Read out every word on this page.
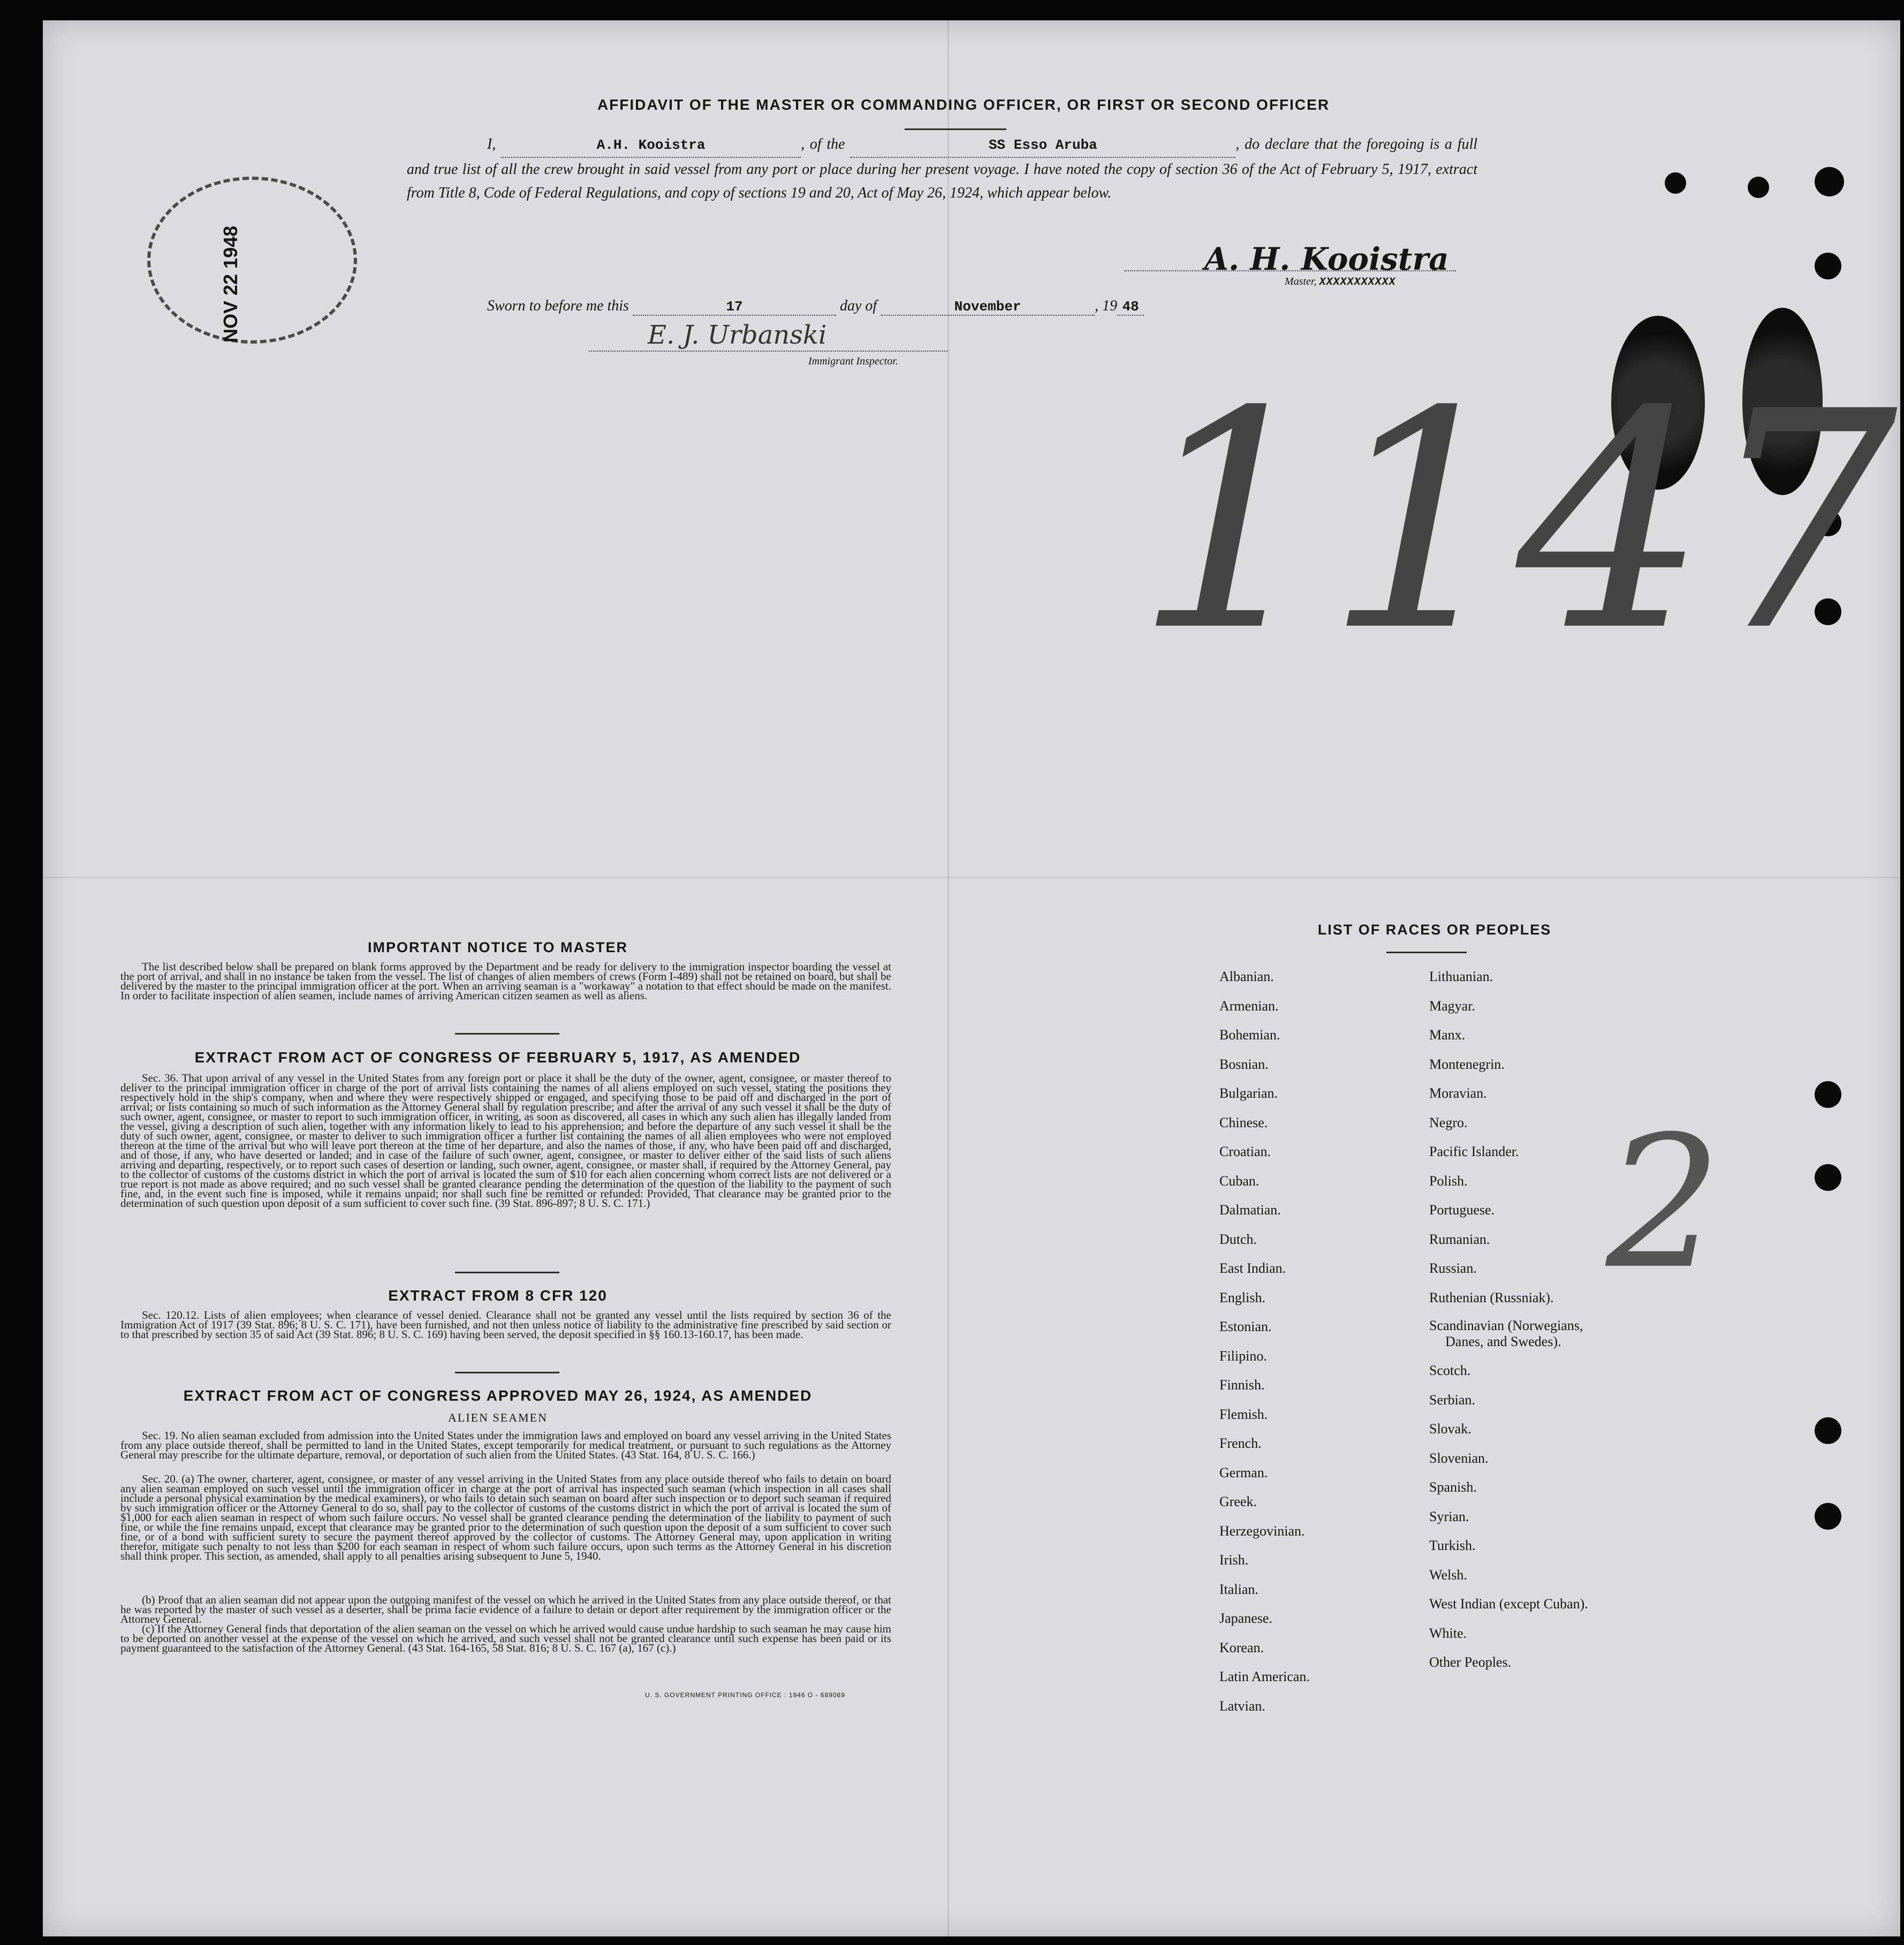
NOV 22 1948
AFFIDAVIT OF THE MASTER OR COMMANDING OFFICER, OR FIRST OR SECOND OFFICER
I,	A.H. Kooistra	, of the	SS Esso Aruba	, do declare that the foregoing is a full and true list of all the crew brought in said vessel from any port or place during her present voyage. I have noted the copy of section 36 of the Act of February 5, 1917, extract from Title 8, Code of Federal Regulations, and copy of sections 19 and 20, Act of May 26, 1924, which appear below.
A. H. Kooistra
Master, XXXXXXXXXXX
Sworn to before me this	17	day of	November	, 19 48
E. J. Urbanski
Immigrant Inspector. 1147
2
IMPORTANT NOTICE TO MASTER
The list described below shall be prepared on blank forms approved by the Department and be ready for delivery to the immigration inspector boarding the vessel at the port of arrival, and shall in no instance be taken from the vessel. The list of changes of alien members of crews (Form I-489) shall not be retained on board, but shall be delivered by the master to the principal immigration officer at the port. When an arriving seaman is a "workaway" a notation to that effect should be made on the manifest. In order to facilitate inspection of alien seamen, include names of arriving American citizen seamen as well as aliens.
EXTRACT FROM ACT OF CONGRESS OF FEBRUARY 5, 1917, AS AMENDED
Sec. 36. That upon arrival of any vessel in the United States from any foreign port or place it shall be the duty of the owner, agent, consignee, or master thereof to deliver to the principal immigration officer in charge of the port of arrival lists containing the names of all aliens employed on such vessel, stating the positions they respectively hold in the ship's company, when and where they were respectively shipped or engaged, and specifying those to be paid off and discharged in the port of arrival; or lists containing so much of such information as the Attorney General shall by regulation prescribe; and after the arrival of any such vessel it shall be the duty of such owner, agent, consignee, or master to report to such immigration officer, in writing, as soon as discovered, all cases in which any such alien has illegally landed from the vessel, giving a description of such alien, together with any information likely to lead to his apprehension; and before the departure of any such vessel it shall be the duty of such owner, agent, consignee, or master to deliver to such immigration officer a further list containing the names of all alien employees who were not employed thereon at the time of the arrival but who will leave port thereon at the time of her departure, and also the names of those, if any, who have been paid off and discharged, and of those, if any, who have deserted or landed; and in case of the failure of such owner, agent, consignee, or master to deliver either of the said lists of such aliens arriving and departing, respectively, or to report such cases of desertion or landing, such owner, agent, consignee, or master shall, if required by the Attorney General, pay to the collector of customs of the customs district in which the port of arrival is located the sum of $10 for each alien concerning whom correct lists are not delivered or a true report is not made as above required; and no such vessel shall be granted clearance pending the determination of the question of the liability to the payment of such fine, and, in the event such fine is imposed, while it remains unpaid; nor shall such fine be remitted or refunded: Provided, That clearance may be granted prior to the determination of such question upon deposit of a sum sufficient to cover such fine. (39 Stat. 896-897; 8 U. S. C. 171.)
EXTRACT FROM 8 CFR 120
Sec. 120.12. Lists of alien employees; when clearance of vessel denied. Clearance shall not be granted any vessel until the lists required by section 36 of the Immigration Act of 1917 (39 Stat. 896; 8 U. S. C. 171), have been furnished, and not then unless notice of liability to the administrative fine prescribed by said section or to that prescribed by section 35 of said Act (39 Stat. 896; 8 U. S. C. 169) having been served, the deposit specified in §§ 160.13-160.17, has been made.
EXTRACT FROM ACT OF CONGRESS APPROVED MAY 26, 1924, AS AMENDED
ALIEN SEAMEN
Sec. 19. No alien seaman excluded from admission into the United States under the immigration laws and employed on board any vessel arriving in the United States from any place outside thereof, shall be permitted to land in the United States, except temporarily for medical treatment, or pursuant to such regulations as the Attorney General may prescribe for the ultimate departure, removal, or deportation of such alien from the United States. (43 Stat. 164, 8 U. S. C. 166.)
Sec. 20. (a) The owner, charterer, agent, consignee, or master of any vessel arriving in the United States from any place outside thereof who fails to detain on board any alien seaman employed on such vessel until the immigration officer in charge at the port of arrival has inspected such seaman (which inspection in all cases shall include a personal physical examination by the medical examiners), or who fails to detain such seaman on board after such inspection or to deport such seaman if required by such immigration officer or the Attorney General to do so, shall pay to the collector of customs of the customs district in which the port of arrival is located the sum of $1,000 for each alien seaman in respect of whom such failure occurs. No vessel shall be granted clearance pending the determination of the liability to payment of such fine, or while the fine remains unpaid, except that clearance may be granted prior to the determination of such question upon the deposit of a sum sufficient to cover such fine, or of a bond with sufficient surety to secure the payment thereof approved by the collector of customs. The Attorney General may, upon application in writing therefor, mitigate such penalty to not less than $200 for each seaman in respect of whom such failure occurs, upon such terms as the Attorney General in his discretion shall think proper. This section, as amended, shall apply to all penalties arising subsequent to June 5, 1940.
(b) Proof that an alien seaman did not appear upon the outgoing manifest of the vessel on which he arrived in the United States from any place outside thereof, or that he was reported by the master of such vessel as a deserter, shall be prima facie evidence of a failure to detain or deport after requirement by the immigration officer or the Attorney General.
(c) If the Attorney General finds that deportation of the alien seaman on the vessel on which he arrived would cause undue hardship to such seaman he may cause him to be deported on another vessel at the expense of the vessel on which he arrived, and such vessel shall not be granted clearance until such expense has been paid or its payment guaranteed to the satisfaction of the Attorney General. (43 Stat. 164-165, 58 Stat. 816; 8 U. S. C. 167 (a), 167 (c).)
U. S. GOVERNMENT PRINTING OFFICE : 1946 O - 689069
LIST OF RACES OR PEOPLES
Albanian.
Armenian.
Bohemian.
Bosnian.
Bulgarian.
Chinese.
Croatian.
Cuban.
Dalmatian.
Dutch.
East Indian.
English.
Estonian.
Filipino.
Finnish.
Flemish.
French.
German.
Greek.
Herzegovinian.
Irish.
Italian.
Japanese.
Korean.
Latin American.
Latvian.
Lithuanian.
Magyar.
Manx.
Montenegrin.
Moravian.
Negro.
Pacific Islander.
Polish.
Portuguese.
Rumanian.
Russian.
Ruthenian (Russniak).
Scandinavian (Norwegians,
Danes, and Swedes).
Scotch.
Serbian.
Slovak.
Slovenian.
Spanish.
Syrian.
Turkish.
Welsh.
West Indian (except Cuban).
White.
Other Peoples.
